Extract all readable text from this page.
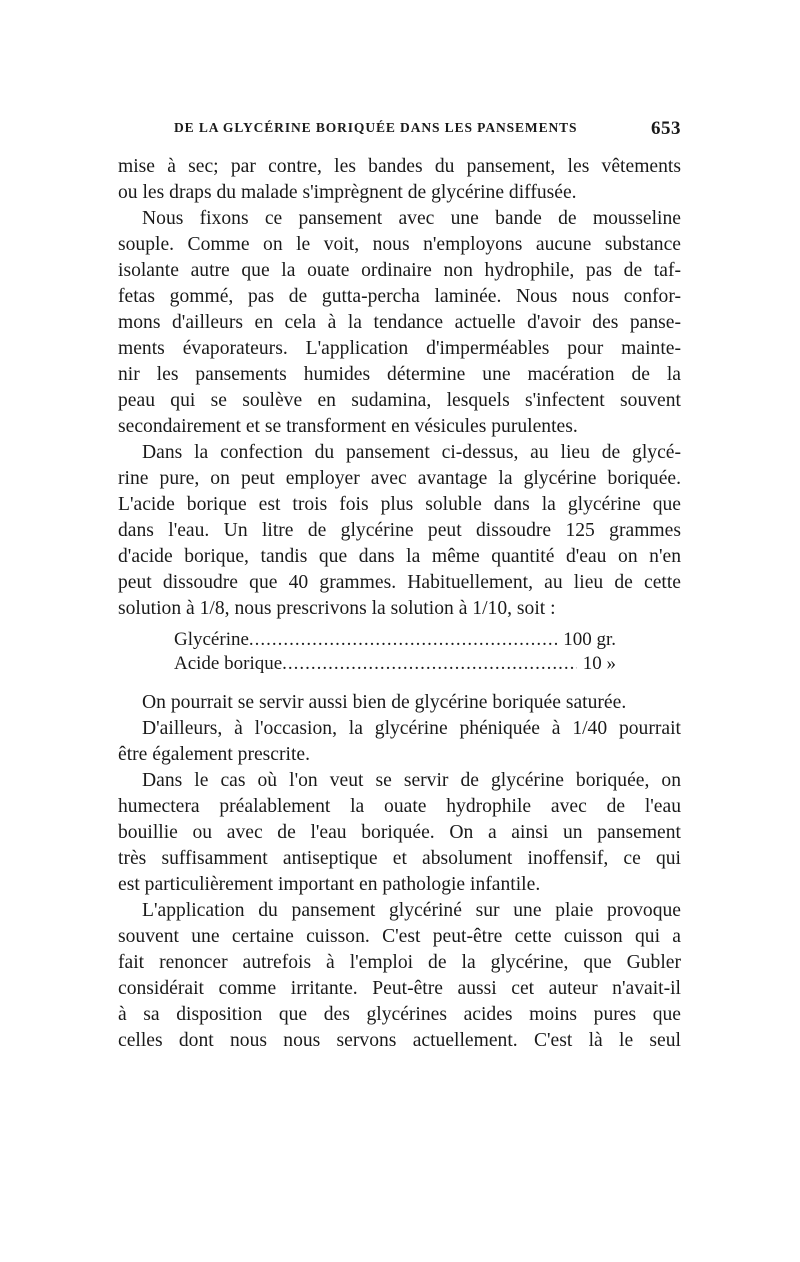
DE LA GLYCÉRINE BORIQUÉE DANS LES PANSEMENTS	653
mise à sec; par contre, les bandes du pansement, les vêtements
ou les draps du malade s'imprègnent de glycérine diffusée.
Nous fixons ce pansement avec une bande de mousseline
souple. Comme on le voit, nous n'employons aucune substance
isolante autre que la ouate ordinaire non hydrophile, pas de taf-
fetas gommé, pas de gutta-percha laminée. Nous nous confor-
mons d'ailleurs en cela à la tendance actuelle d'avoir des panse-
ments évaporateurs. L'application d'imperméables pour mainte-
nir les pansements humides détermine une macération de la
peau qui se soulève en sudamina, lesquels s'infectent souvent
secondairement et se transforment en vésicules purulentes.
Dans la confection du pansement ci-dessus, au lieu de glycé-
rine pure, on peut employer avec avantage la glycérine boriquée.
L'acide borique est trois fois plus soluble dans la glycérine que
dans l'eau. Un litre de glycérine peut dissoudre 125 grammes
d'acide borique, tandis que dans la même quantité d'eau on n'en
peut dissoudre que 40 grammes. Habituellement, au lieu de cette
solution à 1/8, nous prescrivons la solution à 1/10, soit :
Glycérine .....	100 gr.
Acide borique .....	10 »
On pourrait se servir aussi bien de glycérine boriquée saturée.
D'ailleurs, à l'occasion, la glycérine phéniquée à 1/40 pourrait
être également prescrite.
Dans le cas où l'on veut se servir de glycérine boriquée, on
humectera préalablement la ouate hydrophile avec de l'eau
bouillie ou avec de l'eau boriquée. On a ainsi un pansement
très suffisamment antiseptique et absolument inoffensif, ce qui
est particulièrement important en pathologie infantile.
L'application du pansement glycériné sur une plaie provoque
souvent une certaine cuisson. C'est peut-être cette cuisson qui a
fait renoncer autrefois à l'emploi de la glycérine, que Gubler
considérait comme irritante. Peut-être aussi cet auteur n'avait-il
à sa disposition que des glycérines acides moins pures que
celles dont nous nous servons actuellement. C'est là le seul
